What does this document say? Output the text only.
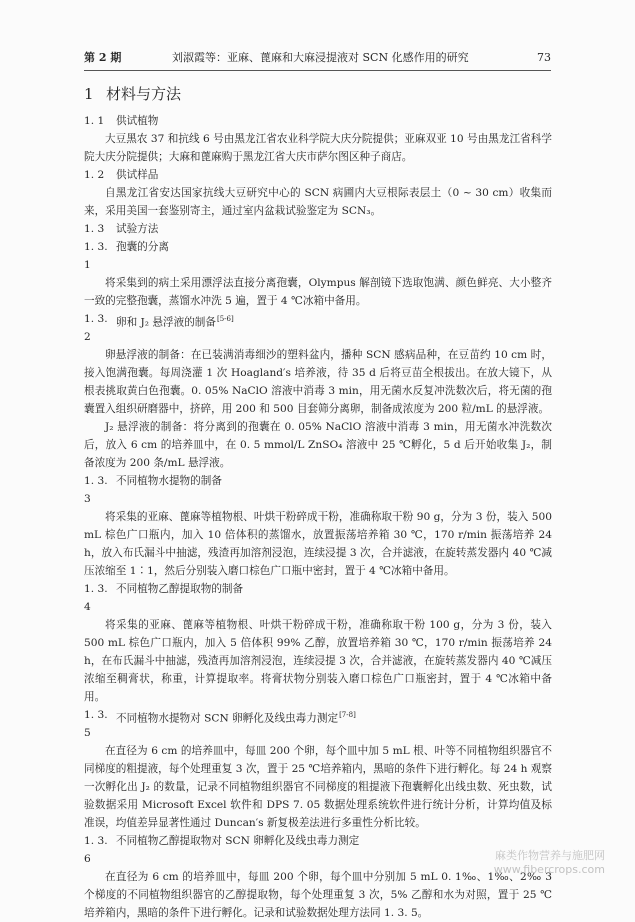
第 2 期	刘淑霞等：亚麻、蓖麻和大麻浸提液对 SCN 化感作用的研究	73
1 材料与方法
1. 1	供试植物
大豆黑农 37 和抗线 6 号由黑龙江省农业科学院大庆分院提供；亚麻双亚 10 号由黑龙江省科学院大庆分院提供；大麻和蓖麻购于黑龙江省大庆市萨尔图区种子商店。
1. 2	供试样品
自黑龙江省安达国家抗线大豆研究中心的 SCN 病圃内大豆根际表层土（0 ~ 30 cm）收集而来，采用美国一套鉴别寄主，通过室内盆栽试验鉴定为 SCN₃。
1. 3	试验方法
1. 3. 1
孢囊的分离
将采集到的病土采用漂浮法直接分离孢囊，Olympus 解剖镜下选取饱满、颜色鲜亮、大小整齐一致的完整孢囊，蒸馏水冲洗 5 遍，置于 4 ℃冰箱中备用。
1. 3. 2
卵和 J₂ 悬浮液的制备[5-6]
卵悬浮液的制备：在已装满消毒细沙的塑料盆内，播种 SCN 感病品种，在豆苗约 10 cm 时，接入饱满孢囊。每周浇灌 1 次 Hoagland′s 培养液，待 35 d 后将豆苗全根拔出。在放大镜下，从根表挑取黄白色孢囊。0. 05% NaClO 溶液中消毒 3 min，用无菌水反复冲洗数次后，将无菌的孢囊置入组织研磨器中，挤碎，用 200 和 500 目套筛分离卵，制备成浓度为 200 粒/mL 的悬浮液。
J₂ 悬浮液的制备：将分离到的孢囊在 0. 05% NaClO 溶液中消毒 3 min，用无菌水冲洗数次后，放入 6 cm 的培养皿中，在 0. 5 mmol/L ZnSO₄ 溶液中 25 ℃孵化，5 d 后开始收集 J₂，制备浓度为 200 条/mL 悬浮液。
1. 3. 3
不同植物水提物的制备
将采集的亚麻、蓖麻等植物根、叶烘干粉碎成干粉，准确称取干粉 90 g，分为 3 份，装入 500 mL 棕色广口瓶内，加入 10 倍体积的蒸馏水，放置振荡培养箱 30 ℃，170 r/min 振荡培养 24 h，放入布氏漏斗中抽滤，残渣再加溶剂浸泡，连续浸提 3 次，合并滤液，在旋转蒸发器内 40 ℃减压浓缩至 1∶1，然后分别装入磨口棕色广口瓶中密封，置于 4 ℃冰箱中备用。
1. 3. 4
不同植物乙醇提取物的制备
将采集的亚麻、蓖麻等植物根、叶烘干粉碎成干粉，准确称取干粉 100 g，分为 3 份，装入 500 mL 棕色广口瓶内，加入 5 倍体积 99% 乙醇，放置培养箱 30 ℃，170 r/min 振荡培养 24 h，在布氏漏斗中抽滤，残渣再加溶剂浸泡，连续浸提 3 次，合并滤液，在旋转蒸发器内 40 ℃减压浓缩至稠膏状，称重，计算提取率。将膏状物分别装入磨口棕色广口瓶密封，置于 4 ℃冰箱中备用。
1. 3. 5
不同植物水提物对 SCN 卵孵化及线虫毒力测定[7-8]
在直径为 6 cm 的培养皿中，每皿 200 个卵，每个皿中加 5 mL 根、叶等不同植物组织器官不同梯度的粗提液，每个处理重复 3 次，置于 25 ℃培养箱内，黑暗的条件下进行孵化。每 24 h 观察一次孵化出 J₂ 的数量，记录不同植物组织器官不同梯度的粗提液下孢囊孵化出线虫数、死虫数，试验数据采用 Microsoft Excel 软件和 DPS 7. 05 数据处理系统软件进行统计分析，计算均值及标准误，均值差异显著性通过 Duncan′s 新复极差法进行多重性分析比较。
1. 3. 6
不同植物乙醇提取物对 SCN 卵孵化及线虫毒力测定
在直径为 6 cm 的培养皿中，每皿 200 个卵，每个皿中分别加 5 mL 0. 1‰、1‰、2‰ 3 个梯度的不同植物组织器官的乙醇提取物，每个处理重复 3 次，5% 乙醇和水为对照，置于 25 ℃培养箱内，黑暗的条件下进行孵化。记录和试验数据处理方法同 1. 3. 5。
麻类作物营养与施肥网
www.fibercrops.com
